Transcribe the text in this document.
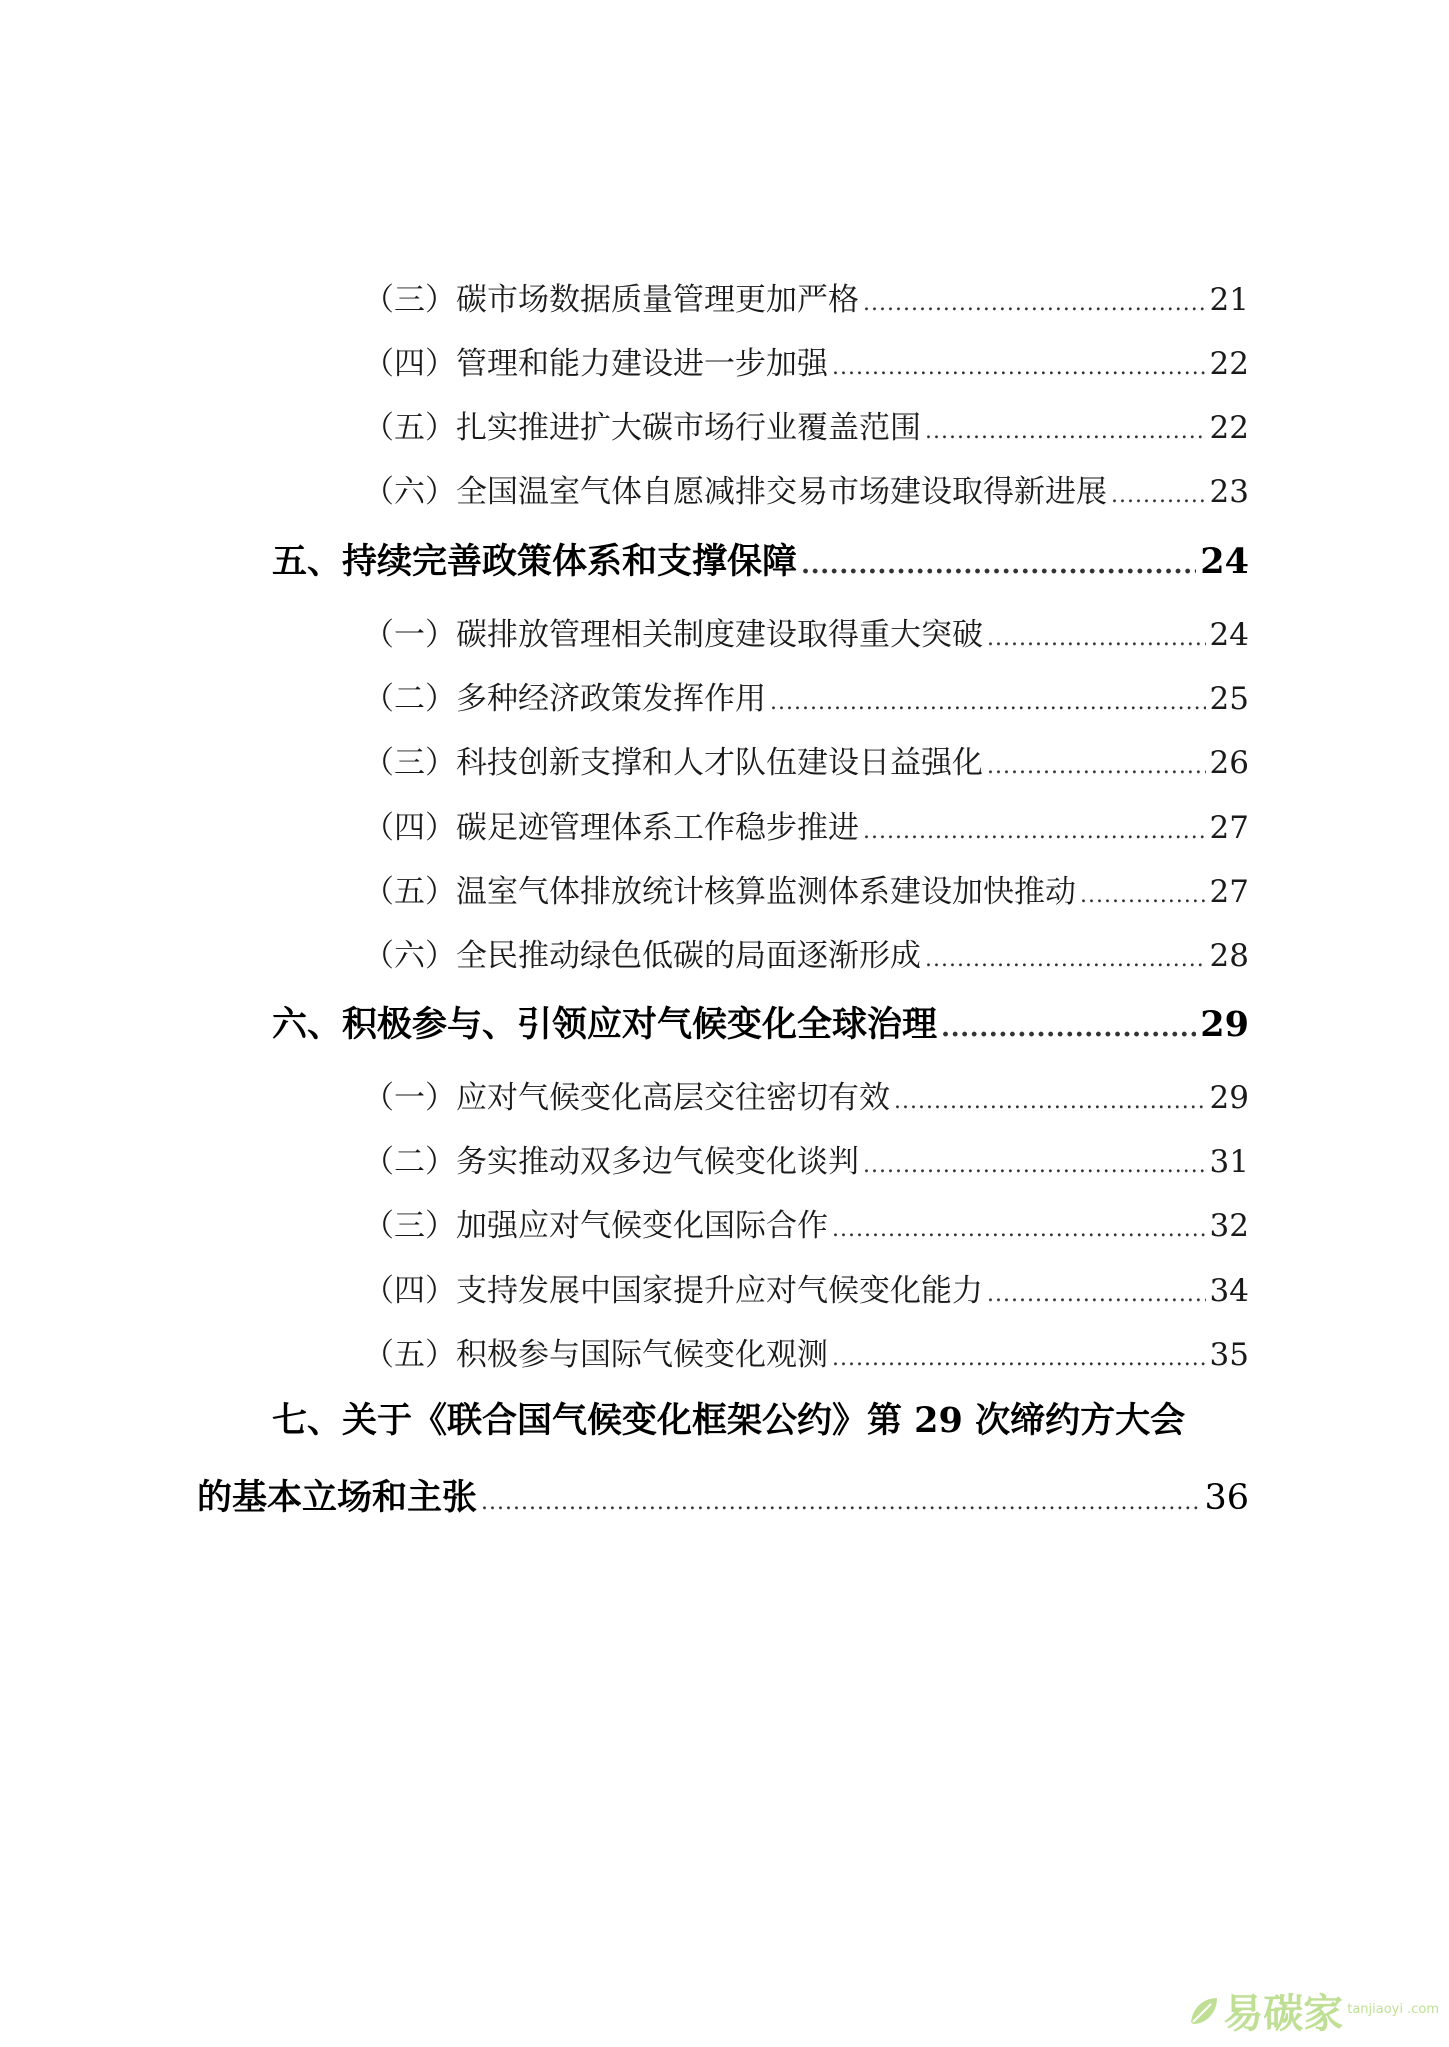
（三）碳市场数据质量管理更加严格 .....	21
（四）管理和能力建设进一步加强 .....	22
（五）扎实推进扩大碳市场行业覆盖范围 .....	22
（六）全国温室气体自愿减排交易市场建设取得新进展 .....	23
五、持续完善政策体系和支撑保障 .....	24
（一）碳排放管理相关制度建设取得重大突破 .....	24
（二）多种经济政策发挥作用 .....	25
（三）科技创新支撑和人才队伍建设日益强化 .....	26
（四）碳足迹管理体系工作稳步推进 .....	27
（五）温室气体排放统计核算监测体系建设加快推动 .....	27
（六）全民推动绿色低碳的局面逐渐形成 .....	28
六、积极参与、引领应对气候变化全球治理 .....	29
（一）应对气候变化高层交往密切有效 .....	29
（二）务实推动双多边气候变化谈判 .....	31
（三）加强应对气候变化国际合作 .....	32
（四）支持发展中国家提升应对气候变化能力 .....	34
（五）积极参与国际气候变化观测 .....	35
七、关于《联合国气候变化框架公约》第 29 次缔约方大会
的基本立场和主张 .....	36
易碳家 tanjiaoyi .com
